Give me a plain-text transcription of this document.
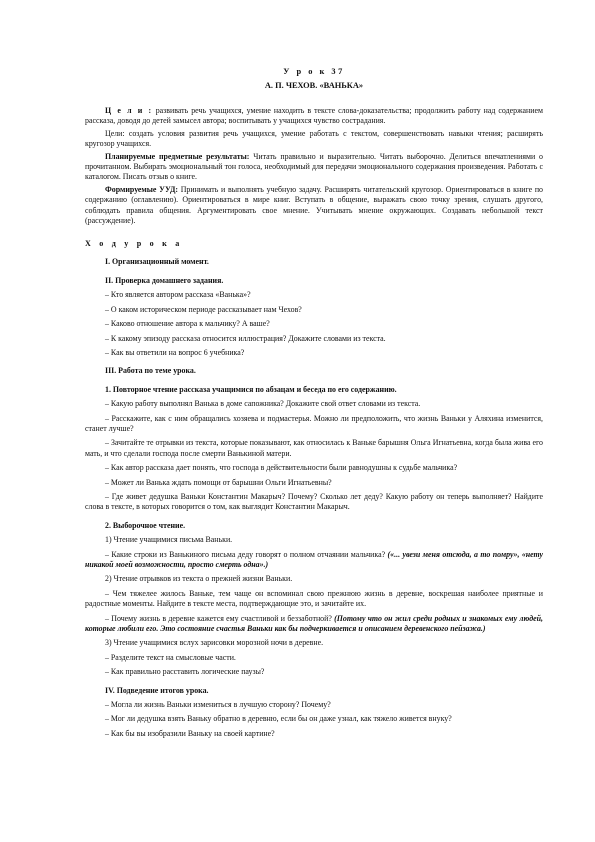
У р о к 37
А. П. ЧЕХОВ. «ВАНЬКА»

Ц е л и : развивать речь учащихся, умение находить в тексте слова-доказательства; продолжить работу над содержанием рассказа, доводя до детей замысел автора; воспитывать у учащихся чувство сострадания.

Цели: создать условия развития речь учащихся, умение работать с текстом, совершенствовать навыки чтения; расширять кругозор учащихся.

Планируемые предметные результаты: Читать правильно и выразительно. Читать выборочно. Делиться впечатлениями о прочитанном. Выбирать эмоциональный тон голоса, необходимый для передачи эмоционального содержания произведения. Работать с каталогом. Писать отзыв о книге.

Формируемые УУД: Принимать и выполнять учебную задачу. Расширять читательский кругозор. Ориентироваться в книге по содержанию (оглавлению). Ориентироваться в мире книг. Вступать в общение, выражать свою точку зрения, слушать другого, соблюдать правила общения. Аргументировать свое мнение. Учитывать мнение окружающих. Создавать небольшой текст (рассуждение).

Х о д у р о к а
I. Организационный момент.
II. Проверка домашнего задания.

– Кто является автором рассказа «Ванька»?

– О каком историческом периоде рассказывает нам Чехов?

– Каково отношение автора к мальчику? А ваше?

– К какому эпизоду рассказа относится иллюстрация? Докажите словами из текста.

– Как вы ответили на вопрос 6 учебника?

III. Работа по теме урока.
1. Повторное чтение рассказа учащимися по абзацам и беседа по его содержанию.

– Какую работу выполнял Ванька в доме сапожника? Докажите свой ответ словами из текста.

– Расскажите, как с ним обращались хозяева и подмастерья. Можно ли предположить, что жизнь Ваньки у Аляхина изменится, станет лучше?

– Зачитайте те отрывки из текста, которые показывают, как относилась к Ваньке барышня Ольга Игнатьевна, когда была жива его мать, и что сделали господа после смерти Ванькиной матери.

– Как автор рассказа дает понять, что господа в действительности были равнодушны к судьбе мальчика?

– Может ли Ванька ждать помощи от барышни Ольги Игнатьевны?

– Где живет дедушка Ваньки Константин Макарыч? Почему? Сколько лет деду? Какую работу он теперь выполняет? Найдите слова в тексте, в которых говорится о том, как выглядит Константин Макарыч.

2. Выборочное чтение.

1) Чтение учащимися письма Ваньки.

– Какие строки из Ванькиного письма деду говорят о полном отчаянии мальчика? («... увези меня отсюда, а то помру», «нету никакой моей возможности, просто смерть одна».)

2) Чтение отрывков из текста о прежней жизни Ваньки.

– Чем тяжелее жилось Ваньке, тем чаще он вспоминал свою прежнюю жизнь в деревне, воскрешая наиболее приятные и радостные моменты. Найдите в тексте места, подтверждающие это, и зачитайте их.

– Почему жизнь в деревне кажется ему счастливой и беззаботной? (Потому что он жил среди родных и знакомых ему людей, которые любили его. Это состояние счастья Ваньки как бы подчеркивается и описанием деревенского пейзажа.)

3) Чтение учащимися вслух зарисовки морозной ночи в деревне.

– Разделите текст на смысловые части.

– Как правильно расставить логические паузы?

IV. Подведение итогов урока.

– Могла ли жизнь Ваньки измениться в лучшую сторону? Почему?

– Мог ли дедушка взять Ваньку обратно в деревню, если бы он даже узнал, как тяжело живется внуку?

– Как бы вы изобразили Ваньку на своей картине?
